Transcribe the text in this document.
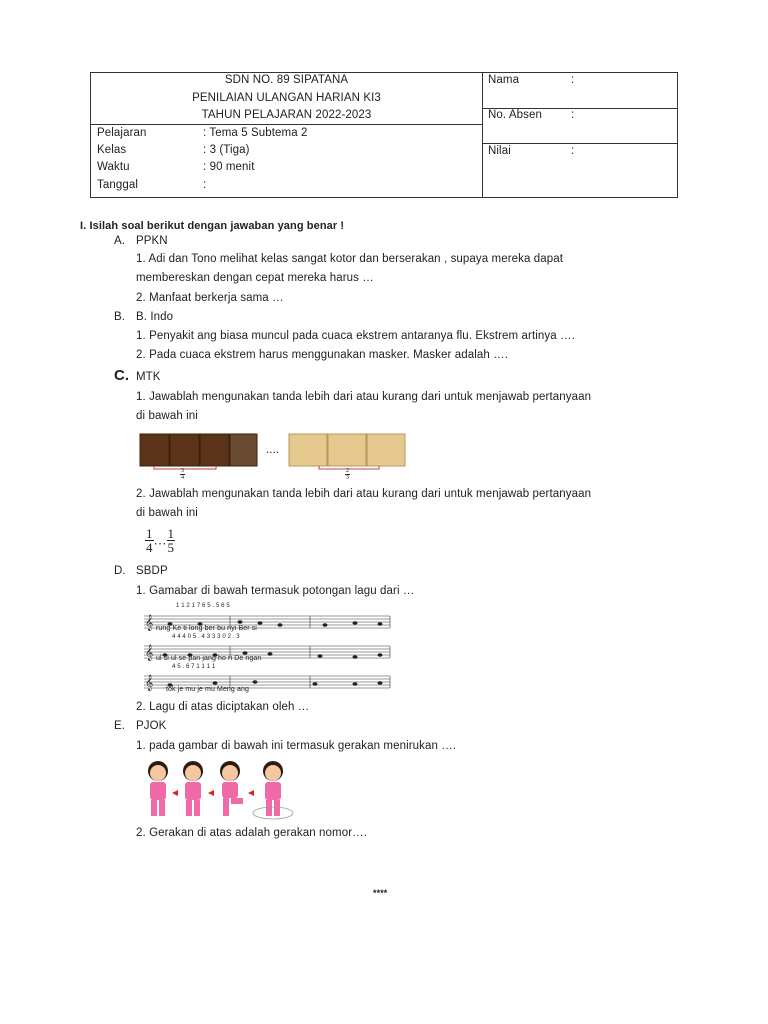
SDN NO. 89 SIPATANA
PENILAIAN ULANGAN HARIAN KI3
TAHUN PELAJARAN 2022-2023
Pelajaran	: Tema 5 Subtema 2
Kelas	: 3 (Tiga)
Waktu	: 90 menit
Tanggal	:
Nama	:
No. Absen	:
Nilai	:
I. Isilah soal berikut dengan jawaban yang benar !
A. PPKN
1. Adi dan Tono melihat kelas sangat kotor dan berserakan , supaya mereka dapat
membereskan dengan cepat mereka harus …
2. Manfaat berkerja sama …
B. B. Indo
1. Penyakit ang biasa muncul pada cuaca ekstrem antaranya flu. Ekstrem artinya ….
2. Pada cuaca ekstrem harus menggunakan masker. Masker adalah ….
C. MTK
1. Jawablah mengunakan tanda lebih dari atau kurang dari untuk menjawab pertanyaan
di bawah ini
....
$\frac{3}{4}$	$\frac{2}{3}$
2. Jawablah mengunakan tanda lebih dari atau kurang dari untuk menjawab pertanyaan
di bawah ini
$\frac{1}{4}$ … $\frac{1}{5}$
D. SBDP
1. Gamabar di bawah termasuk potongan lagu dari …
𝄞
𝄞
𝄞
1 1 2 1 7 6 5 . 5 6 5
rung Ke ti long ber bu nyi Ber si
4 4 4 0 5 . 4 3 3 3 0 2 . 3
ul si ul se pan jang ho ri De ngan
4 5 . 6 7 1 1 1 1
tok je mu je mu Meng ang
2. Lagu di atas diciptakan oleh …
E. PJOK
1. pada gambar di bawah ini termasuk gerakan menirukan ….
2. Gerakan di atas adalah gerakan nomor….
****
